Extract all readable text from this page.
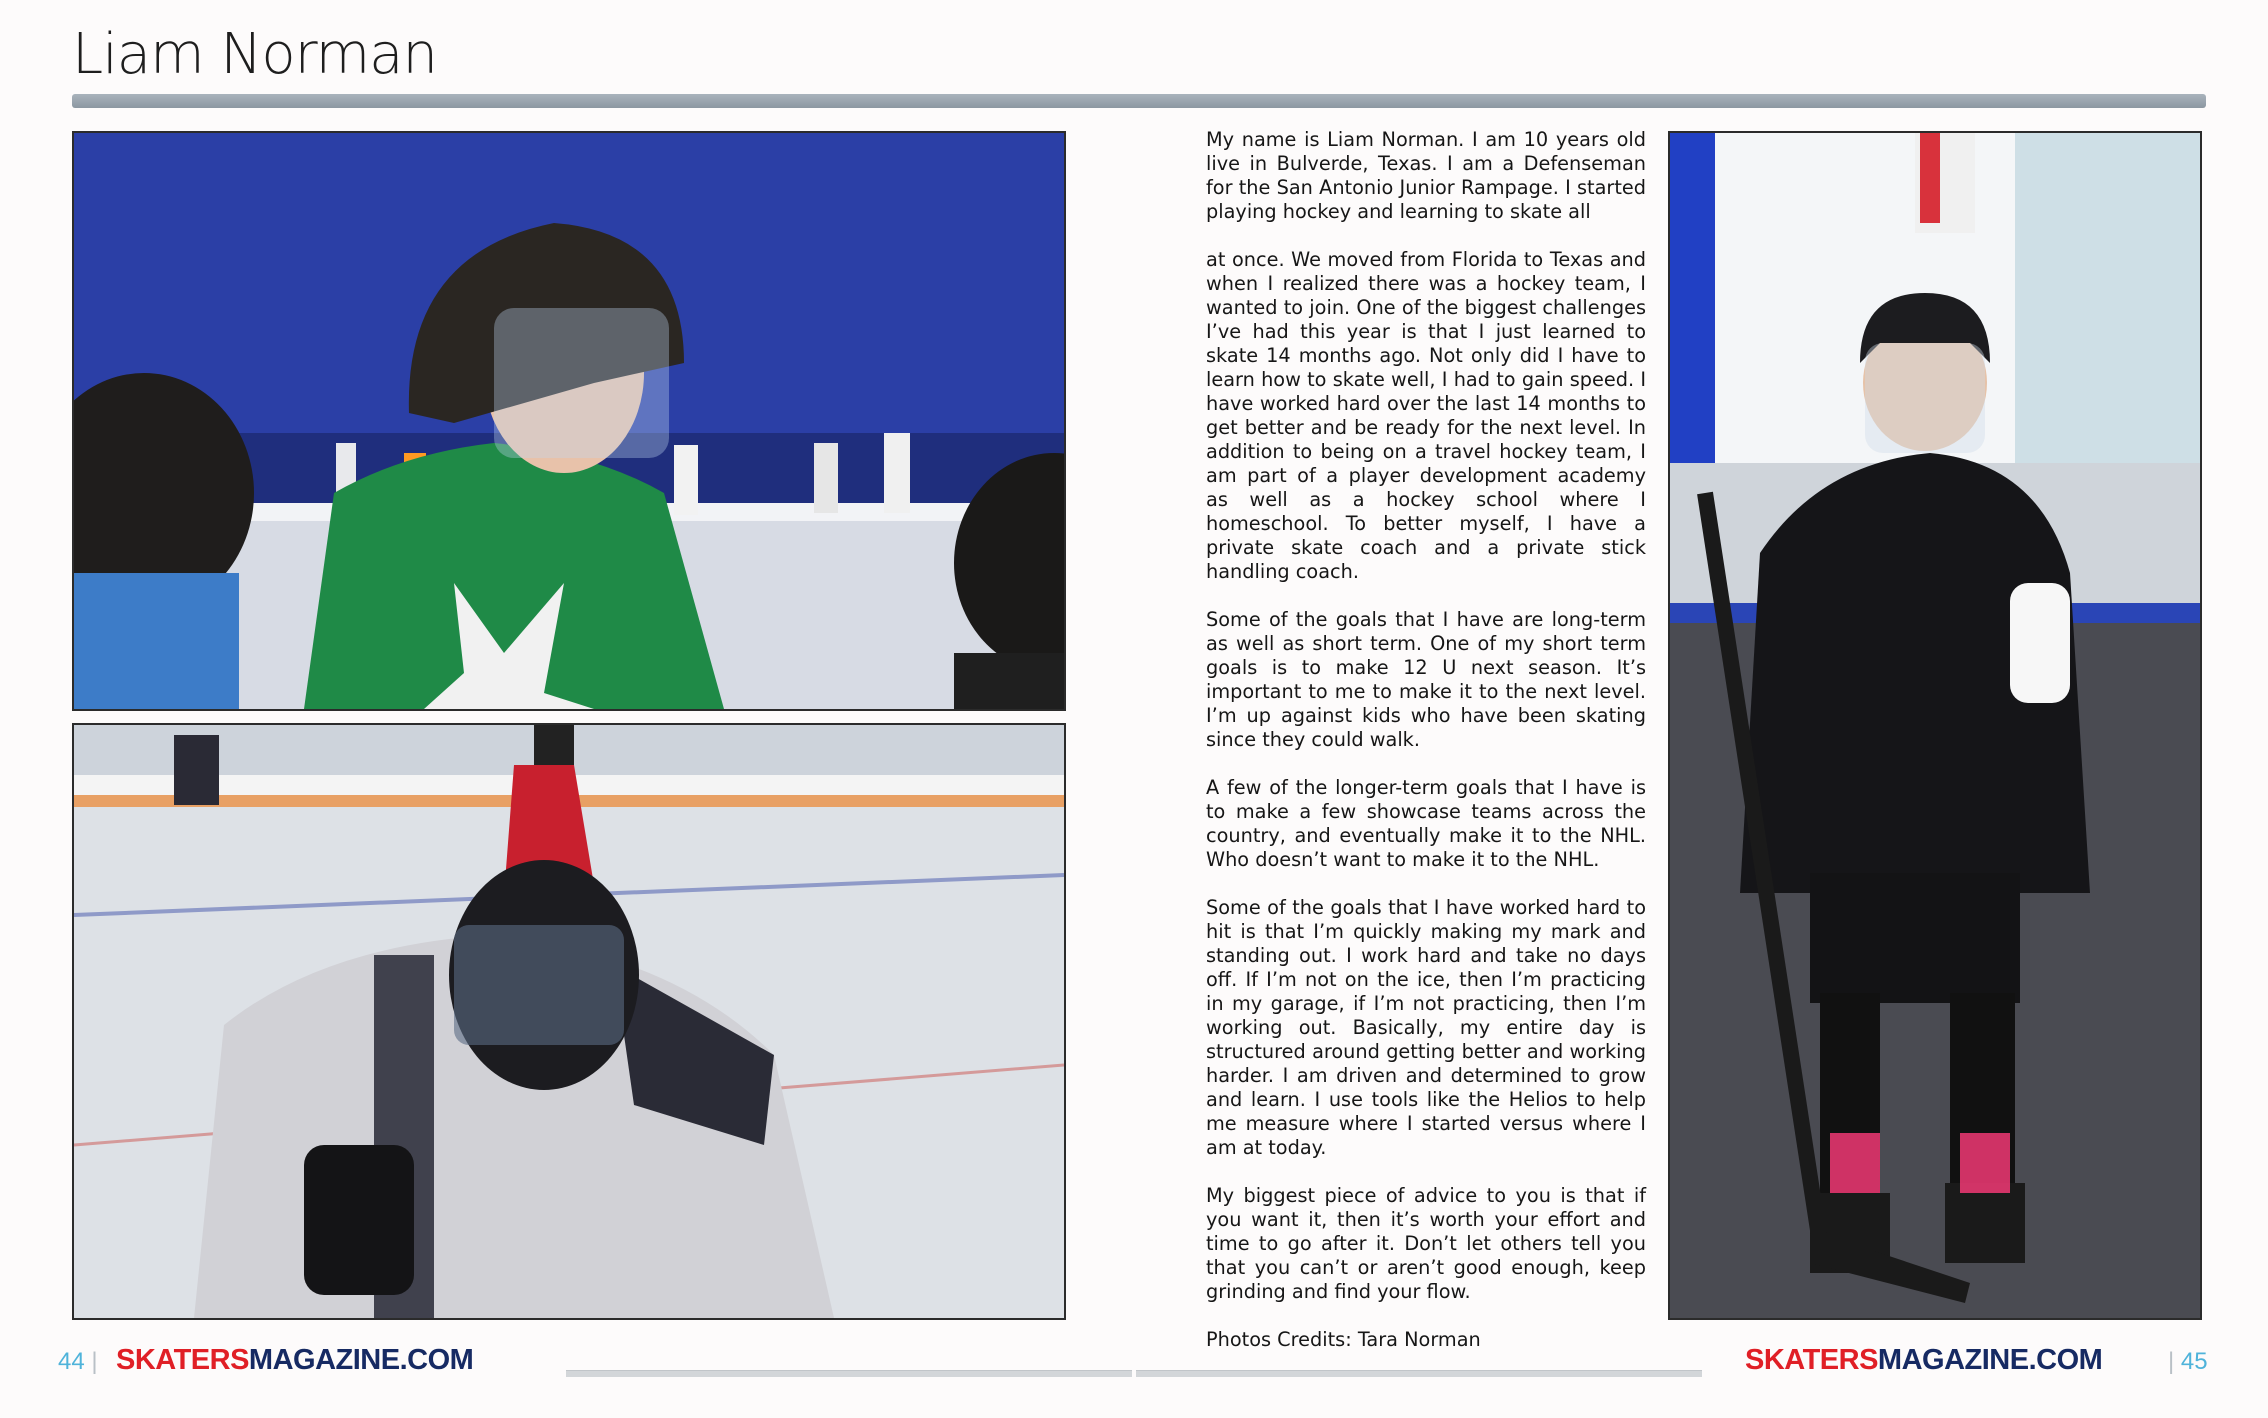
Liam Norman

My name is Liam Norman. I am 10 years old live in Bulverde, Texas. I am a Defenseman for the San Antonio Junior Rampage. I started playing hockey and learning to skate all

at once. We moved from Florida to Texas and when I realized there was a hockey team, I wanted to join. One of the biggest challenges I’ve had this year is that I just learned to skate 14 months ago. Not only did I have to learn how to skate well, I had to gain speed. I have worked hard over the last 14 months to get better and be ready for the next level. In addition to being on a travel hockey team, I am part of a player development academy as well as a hockey school where I homeschool. To better myself, I have a private skate coach and a private stick handling coach.

Some of the goals that I have are long-term as well as short term. One of my short term goals is to make 12 U next season. It’s important to me to make it to the next level. I’m up against kids who have been skating since they could walk.

A few of the longer-term goals that I have is to make a few showcase teams across the country, and eventually make it to the NHL. Who doesn’t want to make it to the NHL.

Some of the goals that I have worked hard to hit is that I’m quickly making my mark and standing out. I work hard and take no days off. If I’m not on the ice, then I’m practicing in my garage, if I’m not practicing, then I’m working out. Basically, my entire day is structured around getting better and working harder. I am driven and determined to grow and learn. I use tools like the Helios to help me measure where I started versus where I am at today.

My biggest piece of advice to you is that if you want it, then it’s worth your effort and time to go after it. Don’t let others tell you that you can’t or aren’t good enough, keep grinding and find your flow.

Photos Credits: Tara Norman

44 | SKATERSMAGAZINE.COM	SKATERSMAGAZINE.COM	| 45
